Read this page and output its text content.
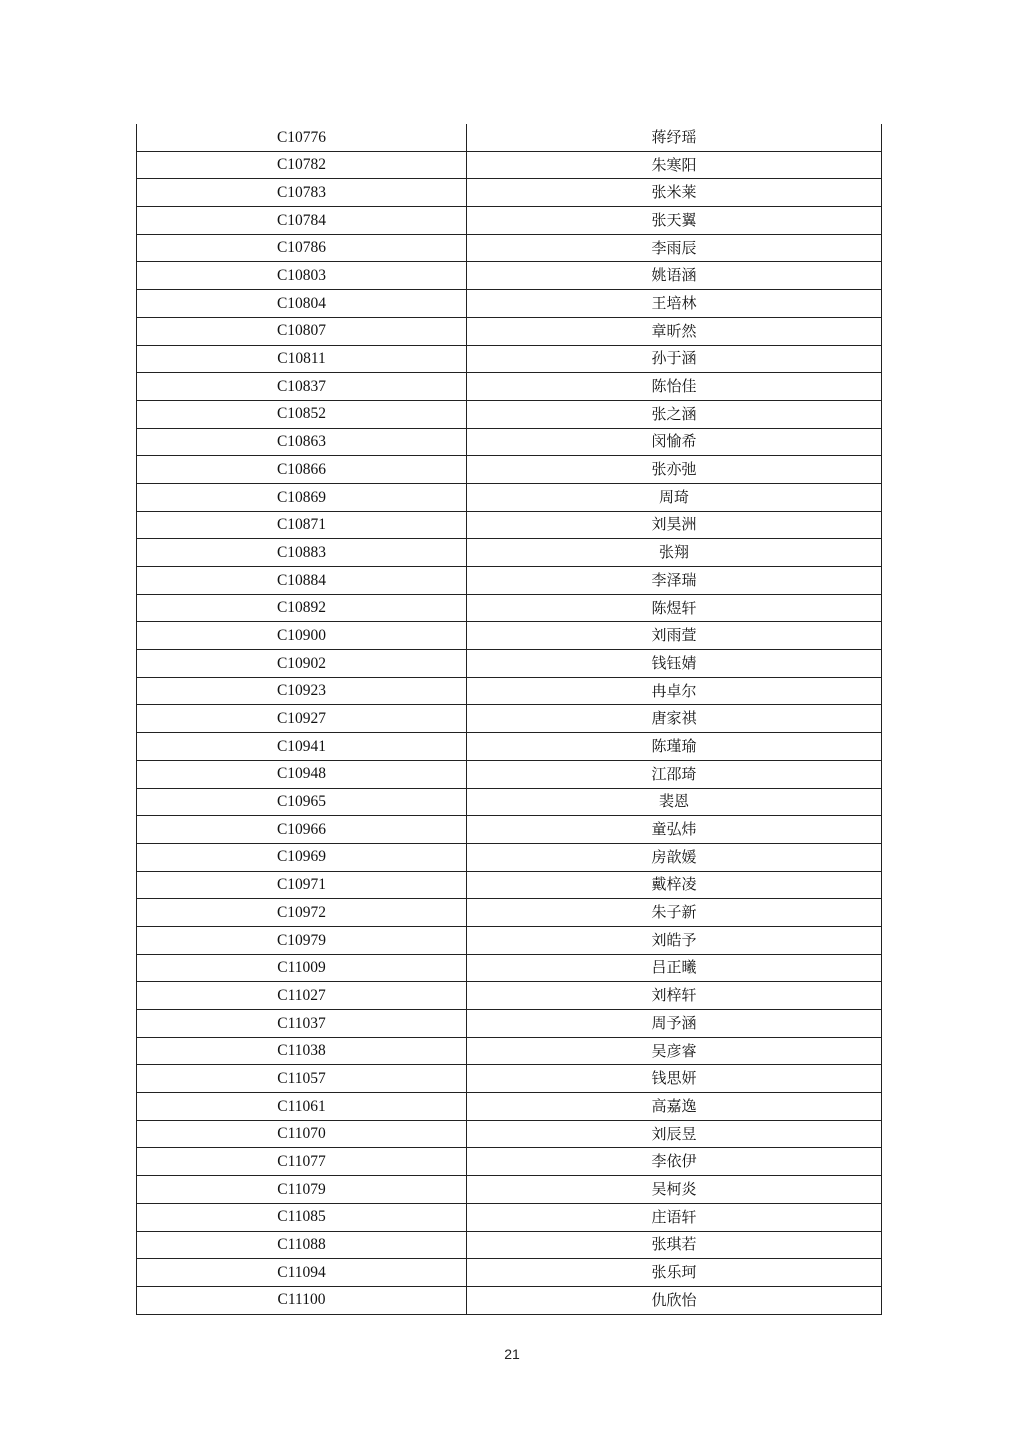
C10776	蒋纾瑶
C10782	朱寒阳
C10783	张米莱
C10784	张天翼
C10786	李雨辰
C10803	姚语涵
C10804	王培林
C10807	章昕然
C10811	孙于涵
C10837	陈怡佳
C10852	张之涵
C10863	闵愉希
C10866	张亦弛
C10869	周琦
C10871	刘昊洲
C10883	张翔
C10884	李泽瑞
C10892	陈煜轩
C10900	刘雨萱
C10902	钱钰婧
C10923	冉卓尔
C10927	唐家祺
C10941	陈瑾瑜
C10948	江邵琦
C10965	裴恩
C10966	童弘炜
C10969	房歆媛
C10971	戴梓凌
C10972	朱子新
C10979	刘皓予
C11009	吕正曦
C11027	刘梓轩
C11037	周予涵
C11038	吴彦睿
C11057	钱思妍
C11061	高嘉逸
C11070	刘辰昱
C11077	李依伊
C11079	吴柯炎
C11085	庄语轩
C11088	张琪若
C11094	张乐珂
C11100	仇欣怡
21
